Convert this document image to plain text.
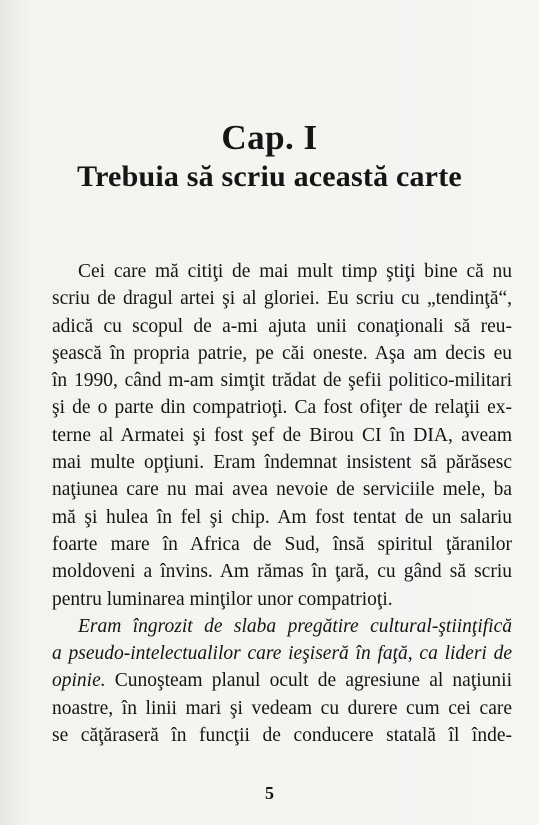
Cap. I
Trebuia să scriu această carte
Cei care mă citiţi de mai mult timp ştiţi bine că nu
scriu de dragul artei şi al gloriei. Eu scriu cu „tendinţă“,
adică cu scopul de a-mi ajuta unii conaţionali să reu-
şească în propria patrie, pe căi oneste. Aşa am decis eu
în 1990, când m-am simţit trădat de şefii politico-militari
şi de o parte din compatrioţi. Ca fost ofiţer de relaţii ex-
terne al Armatei şi fost şef de Birou CI în DIA, aveam
mai multe opţiuni. Eram îndemnat insistent să părăsesc
naţiunea care nu mai avea nevoie de serviciile mele, ba
mă şi hulea în fel şi chip. Am fost tentat de un salariu
foarte mare în Africa de Sud, însă spiritul ţăranilor
moldoveni a învins. Am rămas în ţară, cu gând să scriu
pentru luminarea minţilor unor compatrioţi.
Eram îngrozit de slaba pregătire cultural-ştiinţifică
a pseudo-intelectualilor care ieşiseră în faţă, ca lideri de
opinie. Cunoşteam planul ocult de agresiune al naţiunii
noastre, în linii mari şi vedeam cu durere cum cei care
se căţăraseră în funcţii de conducere statală îl înde-
5
